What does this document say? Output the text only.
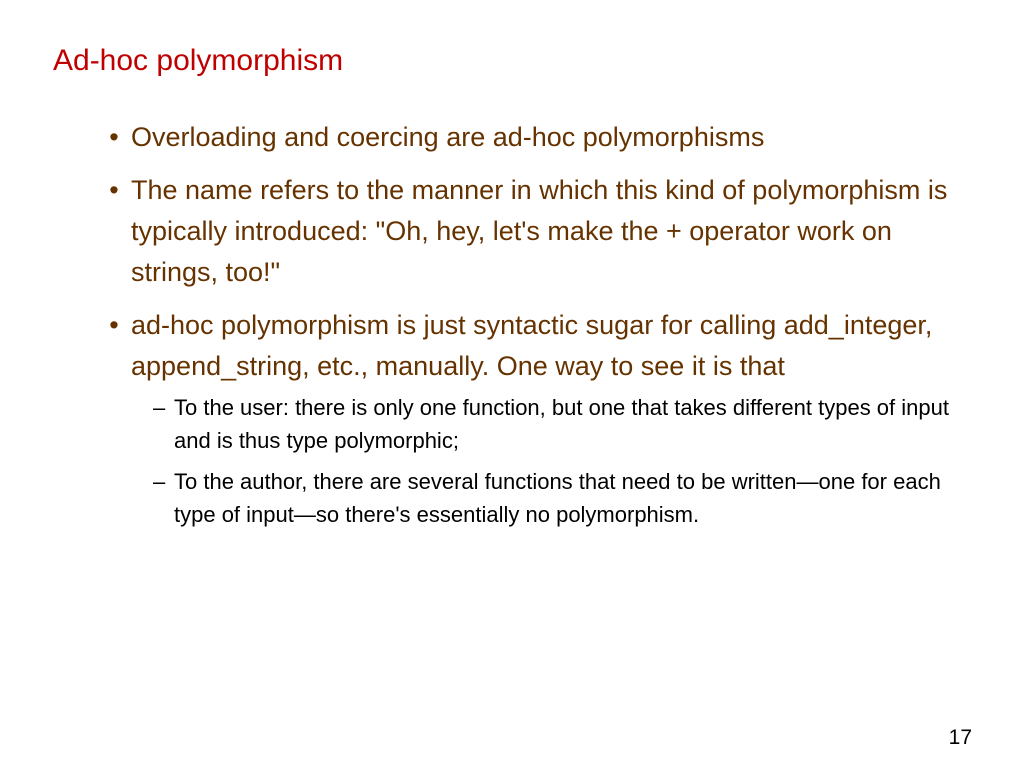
Ad-hoc polymorphism
• Overloading and coercing are ad-hoc polymorphisms
• The name refers to the manner in which this kind of polymorphism is typically introduced: "Oh, hey, let's make the + operator work on strings, too!"
• ad-hoc polymorphism is just syntactic sugar for calling add_integer, append_string, etc., manually. One way to see it is that
– To the user: there is only one function, but one that takes different types of input and is thus type polymorphic;
– To the author, there are several functions that need to be written—one for each type of input—so there's essentially no polymorphism.
17
